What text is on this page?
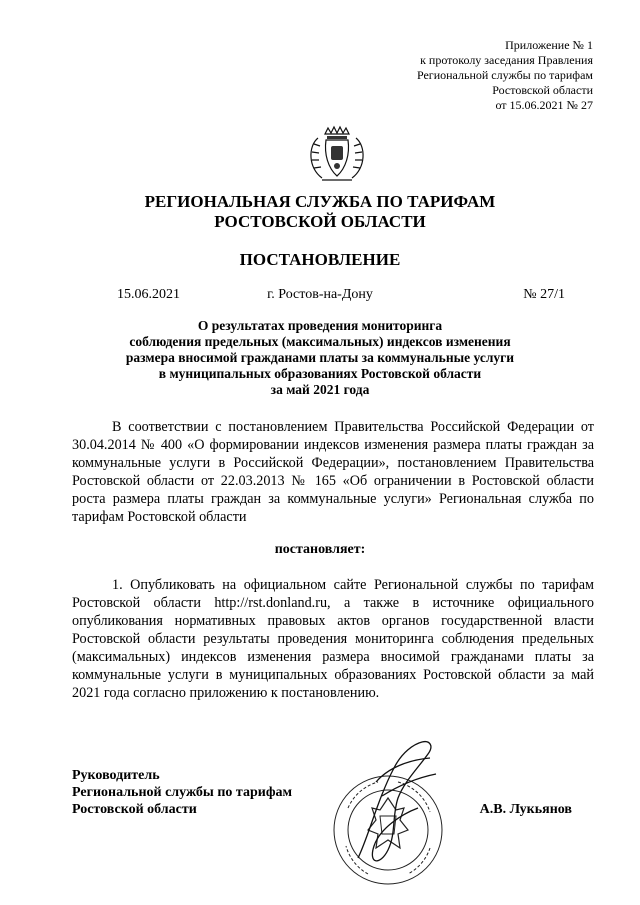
Приложение № 1
к протоколу заседания Правления
Региональной службы по тарифам
Ростовской области
от 15.06.2021 № 27
РЕГИОНАЛЬНАЯ СЛУЖБА ПО ТАРИФАМ
РОСТОВСКОЙ ОБЛАСТИ
ПОСТАНОВЛЕНИЕ
15.06.2021	г. Ростов-на-Дону	№ 27/1
О результатах проведения мониторинга
соблюдения предельных (максимальных) индексов изменения
размера вносимой гражданами платы за коммунальные услуги
в муниципальных образованиях Ростовской области
за май 2021 года

В соответствии с постановлением Правительства Российской Федерации от 30.04.2014 № 400 «О формировании индексов изменения размера платы граждан за коммунальные услуги в Российской Федерации», постановлением Правительства Ростовской области от 22.03.2013 № 165 «Об ограничении в Ростовской области роста размера платы граждан за коммунальные услуги» Региональная служба по тарифам Ростовской области

постановляет:

1. Опубликовать на официальном сайте Региональной службы по тарифам Ростовской области http://rst.donland.ru, а также в источнике официального опубликования нормативных правовых актов органов государственной власти Ростовской области результаты проведения мониторинга соблюдения предельных (максимальных) индексов изменения размера вносимой гражданами платы за коммунальные услуги в муниципальных образованиях Ростовской области за май 2021 года согласно приложению к постановлению.

Руководитель
Региональной службы по тарифам
Ростовской области	А.В. Лукьянов
